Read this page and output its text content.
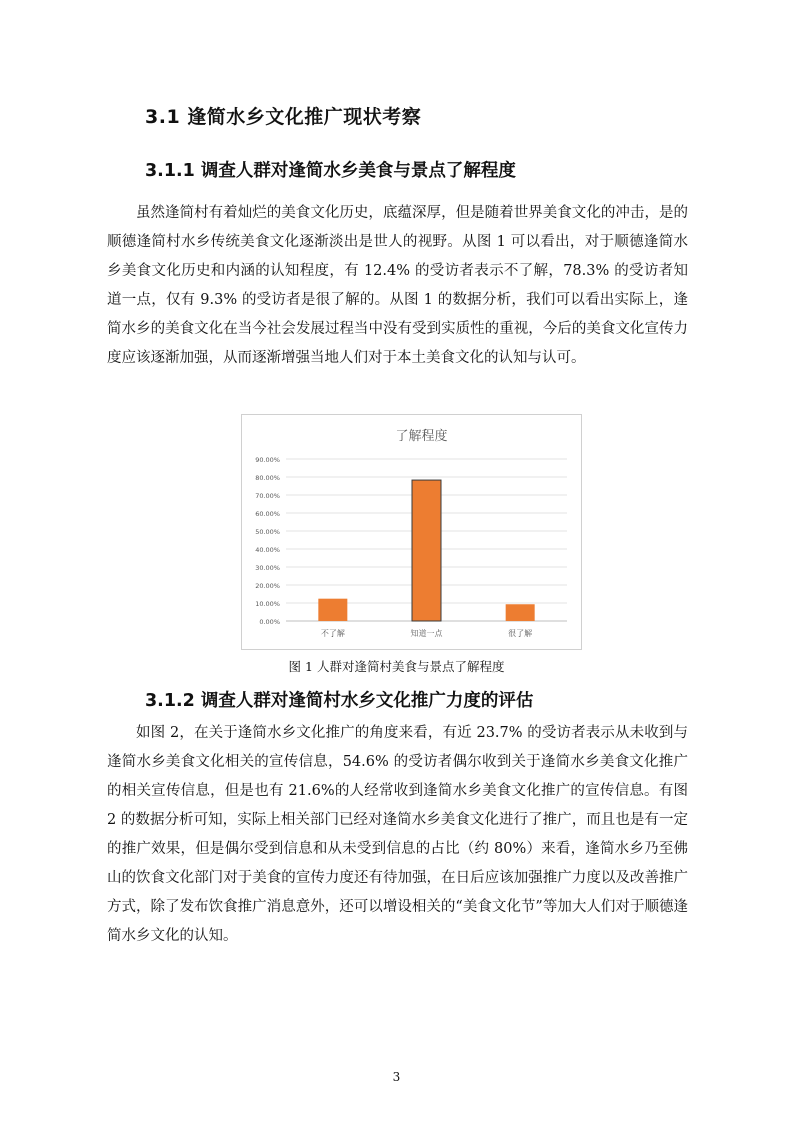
3.1 逢简水乡文化推广现状考察
3.1.1 调查人群对逢简水乡美食与景点了解程度

虽然逢简村有着灿烂的美食文化历史，底蕴深厚，但是随着世界美食文化的冲击，是的顺德逢简村水乡传统美食文化逐渐淡出是世人的视野。从图 1 可以看出，对于顺德逢简水乡美食文化历史和内涵的认知程度，有 12.4% 的受访者表示不了解，78.3% 的受访者知道一点，仅有 9.3% 的受访者是很了解的。从图 1 的数据分析，我们可以看出实际上，逢简水乡的美食文化在当今社会发展过程当中没有受到实质性的重视，今后的美食文化宣传力度应该逐渐加强，从而逐渐增强当地人们对于本土美食文化的认知与认可。

了解程度
0.00%
10.00%
20.00%
30.00%
40.00%
50.00%
60.00%
70.00%
80.00%
90.00%
不了解	知道一点	很了解
图 1 人群对逢简村美食与景点了解程度
3.1.2 调查人群对逢简村水乡文化推广力度的评估

如图 2，在关于逢简水乡文化推广的角度来看，有近 23.7% 的受访者表示从未收到与逢简水乡美食文化相关的宣传信息，54.6% 的受访者偶尔收到关于逢简水乡美食文化推广的相关宣传信息，但是也有 21.6%的人经常收到逢简水乡美食文化推广的宣传信息。有图 2 的数据分析可知，实际上相关部门已经对逢简水乡美食文化进行了推广，而且也是有一定的推广效果，但是偶尔受到信息和从未受到信息的占比（约 80%）来看，逢简水乡乃至佛山的饮食文化部门对于美食的宣传力度还有待加强，在日后应该加强推广力度以及改善推广方式，除了发布饮食推广消息意外，还可以增设相关的“美食文化节”等加大人们对于顺德逢简水乡文化的认知。

3
